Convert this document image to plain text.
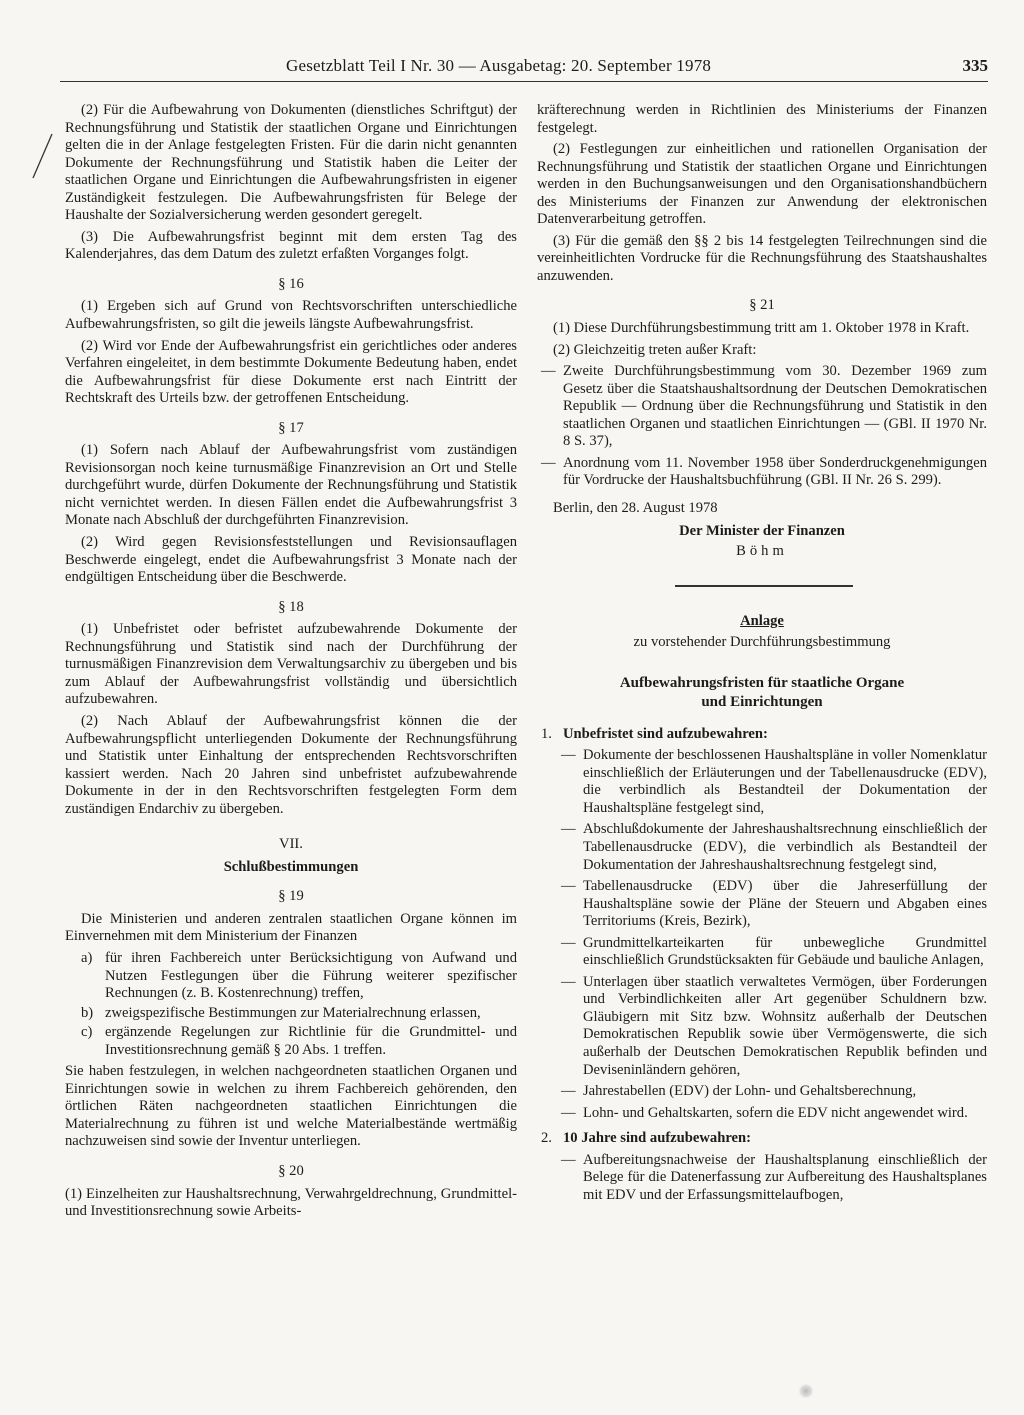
Gesetzblatt Teil I Nr. 30 — Ausgabetag: 20. September 1978	335

(2) Für die Aufbewahrung von Dokumenten (dienstliches Schriftgut) der Rechnungsführung und Statistik der staatlichen Organe und Einrichtungen gelten die in der Anlage festgelegten Fristen. Für die darin nicht genannten Dokumente der Rechnungsführung und Statistik haben die Leiter der staatlichen Organe und Einrichtungen die Aufbewahrungsfristen in eigener Zuständigkeit festzulegen. Die Aufbewahrungsfristen für Belege der Haushalte der Sozialversicherung werden gesondert geregelt.

(3) Die Aufbewahrungsfrist beginnt mit dem ersten Tag des Kalenderjahres, das dem Datum des zuletzt erfaßten Vorganges folgt.

§ 16

(1) Ergeben sich auf Grund von Rechtsvorschriften unterschiedliche Aufbewahrungsfristen, so gilt die jeweils längste Aufbewahrungsfrist.

(2) Wird vor Ende der Aufbewahrungsfrist ein gerichtliches oder anderes Verfahren eingeleitet, in dem bestimmte Dokumente Bedeutung haben, endet die Aufbewahrungsfrist für diese Dokumente erst nach Eintritt der Rechtskraft des Urteils bzw. der getroffenen Entscheidung.

§ 17

(1) Sofern nach Ablauf der Aufbewahrungsfrist vom zuständigen Revisionsorgan noch keine turnusmäßige Finanzrevision an Ort und Stelle durchgeführt wurde, dürfen Dokumente der Rechnungsführung und Statistik nicht vernichtet werden. In diesen Fällen endet die Aufbewahrungsfrist 3 Monate nach Abschluß der durchgeführten Finanzrevision.

(2) Wird gegen Revisionsfeststellungen und Revisionsauflagen Beschwerde eingelegt, endet die Aufbewahrungsfrist 3 Monate nach der endgültigen Entscheidung über die Beschwerde.

§ 18

(1) Unbefristet oder befristet aufzubewahrende Dokumente der Rechnungsführung und Statistik sind nach der Durchführung der turnusmäßigen Finanzrevision dem Verwaltungsarchiv zu übergeben und bis zum Ablauf der Aufbewahrungsfrist vollständig und übersichtlich aufzubewahren.

(2) Nach Ablauf der Aufbewahrungsfrist können die der Aufbewahrungspflicht unterliegenden Dokumente der Rechnungsführung und Statistik unter Einhaltung der entsprechenden Rechtsvorschriften kassiert werden. Nach 20 Jahren sind unbefristet aufzubewahrende Dokumente in der in den Rechtsvorschriften festgelegten Form dem zuständigen Endarchiv zu übergeben.

VII.

Schlußbestimmungen

§ 19

Die Ministerien und anderen zentralen staatlichen Organe können im Einvernehmen mit dem Ministerium der Finanzen

a) für ihren Fachbereich unter Berücksichtigung von Aufwand und Nutzen Festlegungen über die Führung weiterer spezifischer Rechnungen (z. B. Kostenrechnung) treffen,
b) zweigspezifische Bestimmungen zur Materialrechnung erlassen,
c) ergänzende Regelungen zur Richtlinie für die Grundmittel- und Investitionsrechnung gemäß § 20 Abs. 1 treffen.

Sie haben festzulegen, in welchen nachgeordneten staatlichen Organen und Einrichtungen sowie in welchen zu ihrem Fachbereich gehörenden, den örtlichen Räten nachgeordneten staatlichen Einrichtungen die Materialrechnung zu führen ist und welche Materialbestände wertmäßig nachzuweisen sind sowie der Inventur unterliegen.

§ 20

(1) Einzelheiten zur Haushaltsrechnung, Verwahrgeldrechnung, Grundmittel- und Investitionsrechnung sowie Arbeits-

kräfterechnung werden in Richtlinien des Ministeriums der Finanzen festgelegt.

(2) Festlegungen zur einheitlichen und rationellen Organisation der Rechnungsführung und Statistik der staatlichen Organe und Einrichtungen werden in den Buchungsanweisungen und den Organisationshandbüchern des Ministeriums der Finanzen zur Anwendung der elektronischen Datenverarbeitung getroffen.

(3) Für die gemäß den §§ 2 bis 14 festgelegten Teilrechnungen sind die vereinheitlichten Vordrucke für die Rechnungsführung des Staatshaushaltes anzuwenden.

§ 21

(1) Diese Durchführungsbestimmung tritt am 1. Oktober 1978 in Kraft.

(2) Gleichzeitig treten außer Kraft:

— Zweite Durchführungsbestimmung vom 30. Dezember 1969 zum Gesetz über die Staatshaushaltsordnung der Deutschen Demokratischen Republik — Ordnung über die Rechnungsführung und Statistik in den staatlichen Organen und staatlichen Einrichtungen — (GBl. II 1970 Nr. 8 S. 37),
— Anordnung vom 11. November 1958 über Sonderdruckgenehmigungen für Vordrucke der Haushaltsbuchführung (GBl. II Nr. 26 S. 299).

Berlin, den 28. August 1978

Der Minister der Finanzen

Böhm

Anlage

zu vorstehender Durchführungsbestimmung

Aufbewahrungsfristen für staatliche Organe
und Einrichtungen

1. Unbefristet sind aufzubewahren:

— Dokumente der beschlossenen Haushaltspläne in voller Nomenklatur einschließlich der Erläuterungen und der Tabellenausdrucke (EDV), die verbindlich als Bestandteil der Dokumentation der Haushaltspläne festgelegt sind,
— Abschlußdokumente der Jahreshaushaltsrechnung einschließlich der Tabellenausdrucke (EDV), die verbindlich als Bestandteil der Dokumentation der Jahreshaushaltsrechnung festgelegt sind,
— Tabellenausdrucke (EDV) über die Jahreserfüllung der Haushaltspläne sowie der Pläne der Steuern und Abgaben eines Territoriums (Kreis, Bezirk),
— Grundmittelkarteikarten für unbewegliche Grundmittel einschließlich Grundstücksakten für Gebäude und bauliche Anlagen,
— Unterlagen über staatlich verwaltetes Vermögen, über Forderungen und Verbindlichkeiten aller Art gegenüber Schuldnern bzw. Gläubigern mit Sitz bzw. Wohnsitz außerhalb der Deutschen Demokratischen Republik sowie über Vermögenswerte, die sich außerhalb der Deutschen Demokratischen Republik befinden und Deviseninländern gehören,
— Jahrestabellen (EDV) der Lohn- und Gehaltsberechnung,
— Lohn- und Gehaltskarten, sofern die EDV nicht angewendet wird.

2. 10 Jahre sind aufzubewahren:

— Aufbereitungsnachweise der Haushaltsplanung einschließlich der Belege für die Datenerfassung zur Aufbereitung des Haushaltsplanes mit EDV und der Erfassungsmittelaufbogen,
